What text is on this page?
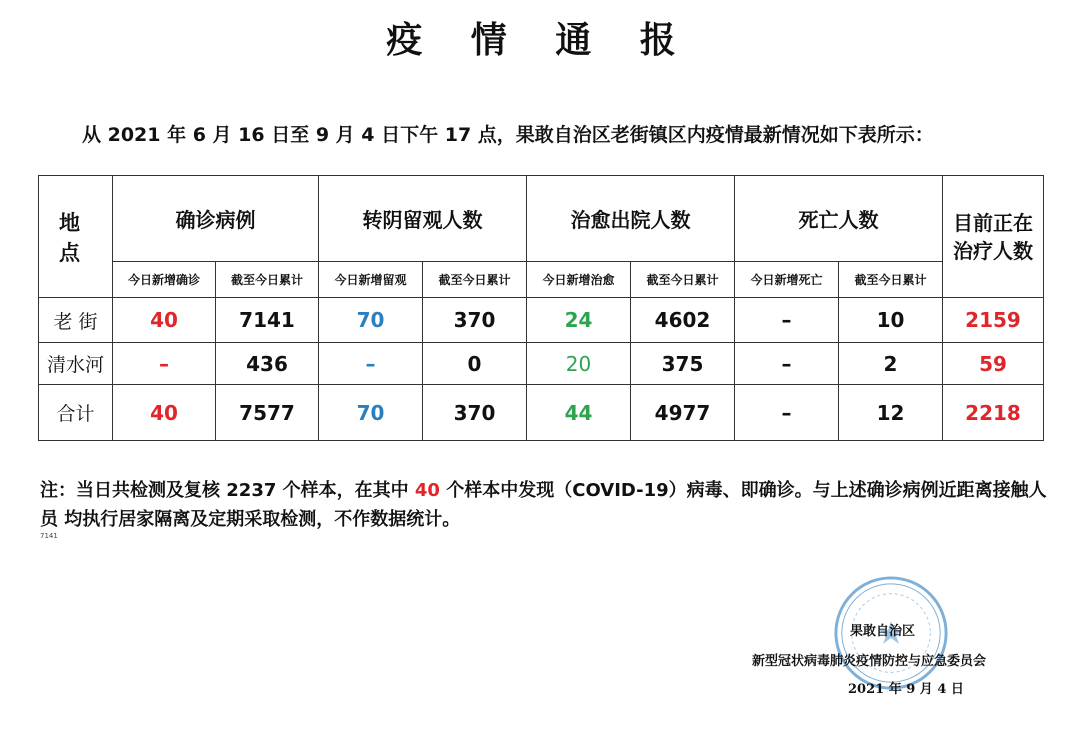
疫 情 通 报
从 2021 年 6 月 16 日至 9 月 4 日下午 17 点，果敢自治区老街镇区内疫情最新情况如下表所示：
地 点	确诊病例		转阴留观人数		治愈出院人数		死亡人数		目前正在
治疗人数
	今日新增确诊	截至今日累计	今日新增留观	截至今日累计	今日新增治愈	截至今日累计	今日新增死亡	截至今日累计	
老 街	40	7141	70	370	24	4602	–	10	2159
清水河	–	436	–	0	20	375	–	2	59
合计	40	7577	70	370	44	4977	–	12	2218
注：当日共检测及复核 2237 个样本，在其中 40 个样本中发现（COVID-19）病毒、即确诊。与上述确诊病例近距离接触人员 均执行居家隔离及定期采取检测，不作数据统计。
7141
果敢自治区
新型冠状病毒肺炎疫情防控与应急委员会
2021 年 9 月 4 日
